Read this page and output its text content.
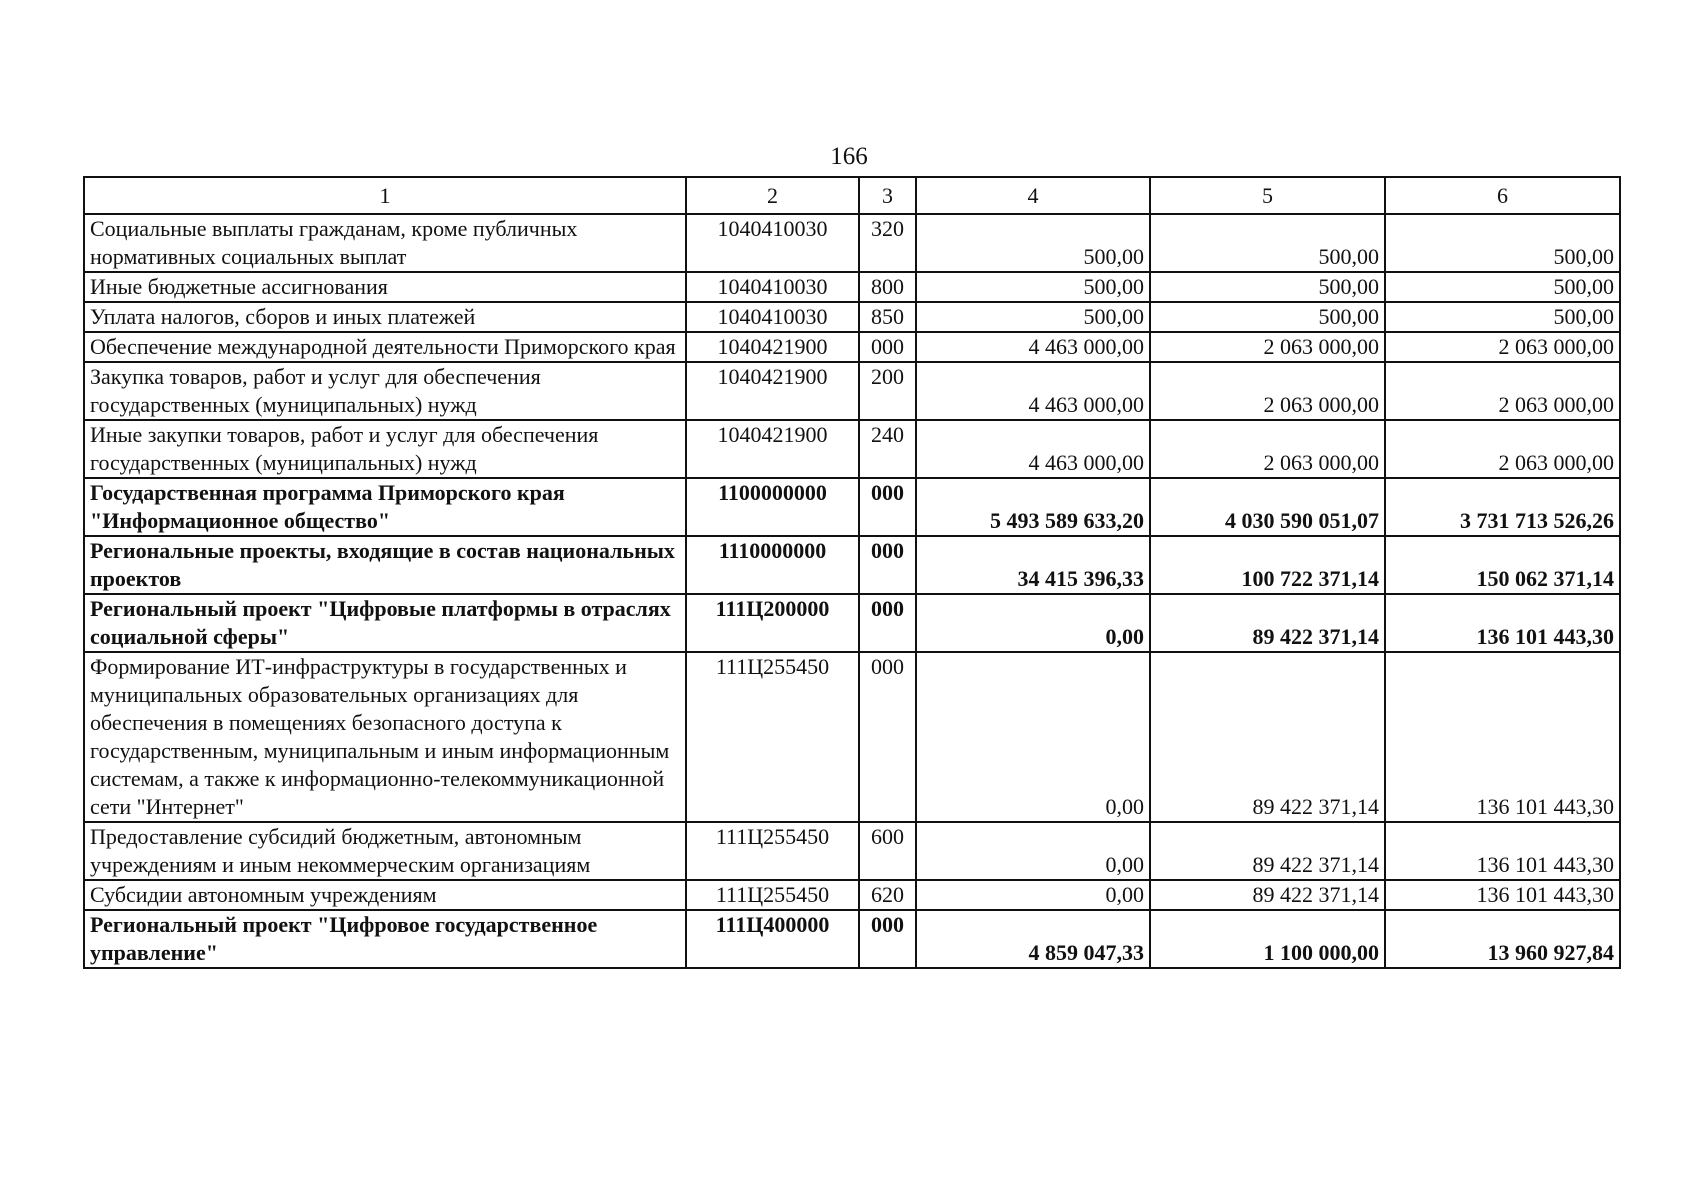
166
1	2	3	4	5	6
Социальные выплаты гражданам, кроме публичных нормативных социальных выплат	1040410030	320	500,00	500,00	500,00
Иные бюджетные ассигнования	1040410030	800	500,00	500,00	500,00
Уплата налогов, сборов и иных платежей	1040410030	850	500,00	500,00	500,00
Обеспечение международной деятельности Приморского края	1040421900	000	4 463 000,00	2 063 000,00	2 063 000,00
Закупка товаров, работ и услуг для обеспечения государственных (муниципальных) нужд	1040421900	200	4 463 000,00	2 063 000,00	2 063 000,00
Иные закупки товаров, работ и услуг для обеспечения государственных (муниципальных) нужд	1040421900	240	4 463 000,00	2 063 000,00	2 063 000,00
Государственная программа Приморского края "Информационное общество"	1100000000	000	5 493 589 633,20	4 030 590 051,07	3 731 713 526,26
Региональные проекты, входящие в состав национальных проектов	1110000000	000	34 415 396,33	100 722 371,14	150 062 371,14
Региональный проект "Цифровые платформы в отраслях социальной сферы"	111Ц200000	000	0,00	89 422 371,14	136 101 443,30
Формирование ИТ-инфраструктуры в государственных и муниципальных образовательных организациях для обеспечения в помещениях безопасного доступа к государственным, муниципальным и иным информационным системам, а также к информационно-телекоммуникационной сети "Интернет"	111Ц255450	000	0,00	89 422 371,14	136 101 443,30
Предоставление субсидий бюджетным, автономным учреждениям и иным некоммерческим организациям	111Ц255450	600	0,00	89 422 371,14	136 101 443,30
Субсидии автономным учреждениям	111Ц255450	620	0,00	89 422 371,14	136 101 443,30
Региональный проект "Цифровое государственное управление"	111Ц400000	000	4 859 047,33	1 100 000,00	13 960 927,84
